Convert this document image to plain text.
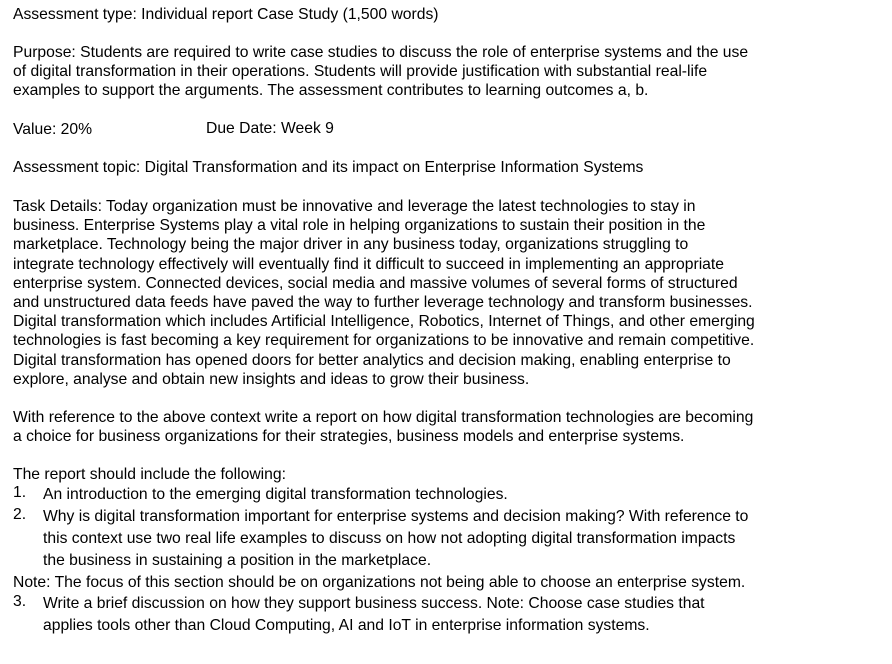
Assessment type: Individual report Case Study (1,500 words)

Purpose: Students are required to write case studies to discuss the role of enterprise systems and the use
of digital transformation in their operations. Students will provide justification with substantial real-life
examples to support the arguments. The assessment contributes to learning outcomes a, b.

Value: 20%	Due Date: Week 9

Assessment topic: Digital Transformation and its impact on Enterprise Information Systems

Task Details: Today organization must be innovative and leverage the latest technologies to stay in
business. Enterprise Systems play a vital role in helping organizations to sustain their position in the
marketplace. Technology being the major driver in any business today, organizations struggling to
integrate technology effectively will eventually find it difficult to succeed in implementing an appropriate
enterprise system. Connected devices, social media and massive volumes of several forms of structured
and unstructured data feeds have paved the way to further leverage technology and transform businesses.
Digital transformation which includes Artificial Intelligence, Robotics, Internet of Things, and other emerging
technologies is fast becoming a key requirement for organizations to be innovative and remain competitive.
Digital transformation has opened doors for better analytics and decision making, enabling enterprise to
explore, analyse and obtain new insights and ideas to grow their business.

With reference to the above context write a report on how digital transformation technologies are becoming
a choice for business organizations for their strategies, business models and enterprise systems.

The report should include the following:

1. An introduction to the emerging digital transformation technologies.
2. Why is digital transformation important for enterprise systems and decision making? With reference to
this context use two real life examples to discuss on how not adopting digital transformation impacts
the business in sustaining a position in the marketplace.

Note: The focus of this section should be on organizations not being able to choose an enterprise system.

3. Write a brief discussion on how they support business success. Note: Choose case studies that
applies tools other than Cloud Computing, AI and IoT in enterprise information systems.
